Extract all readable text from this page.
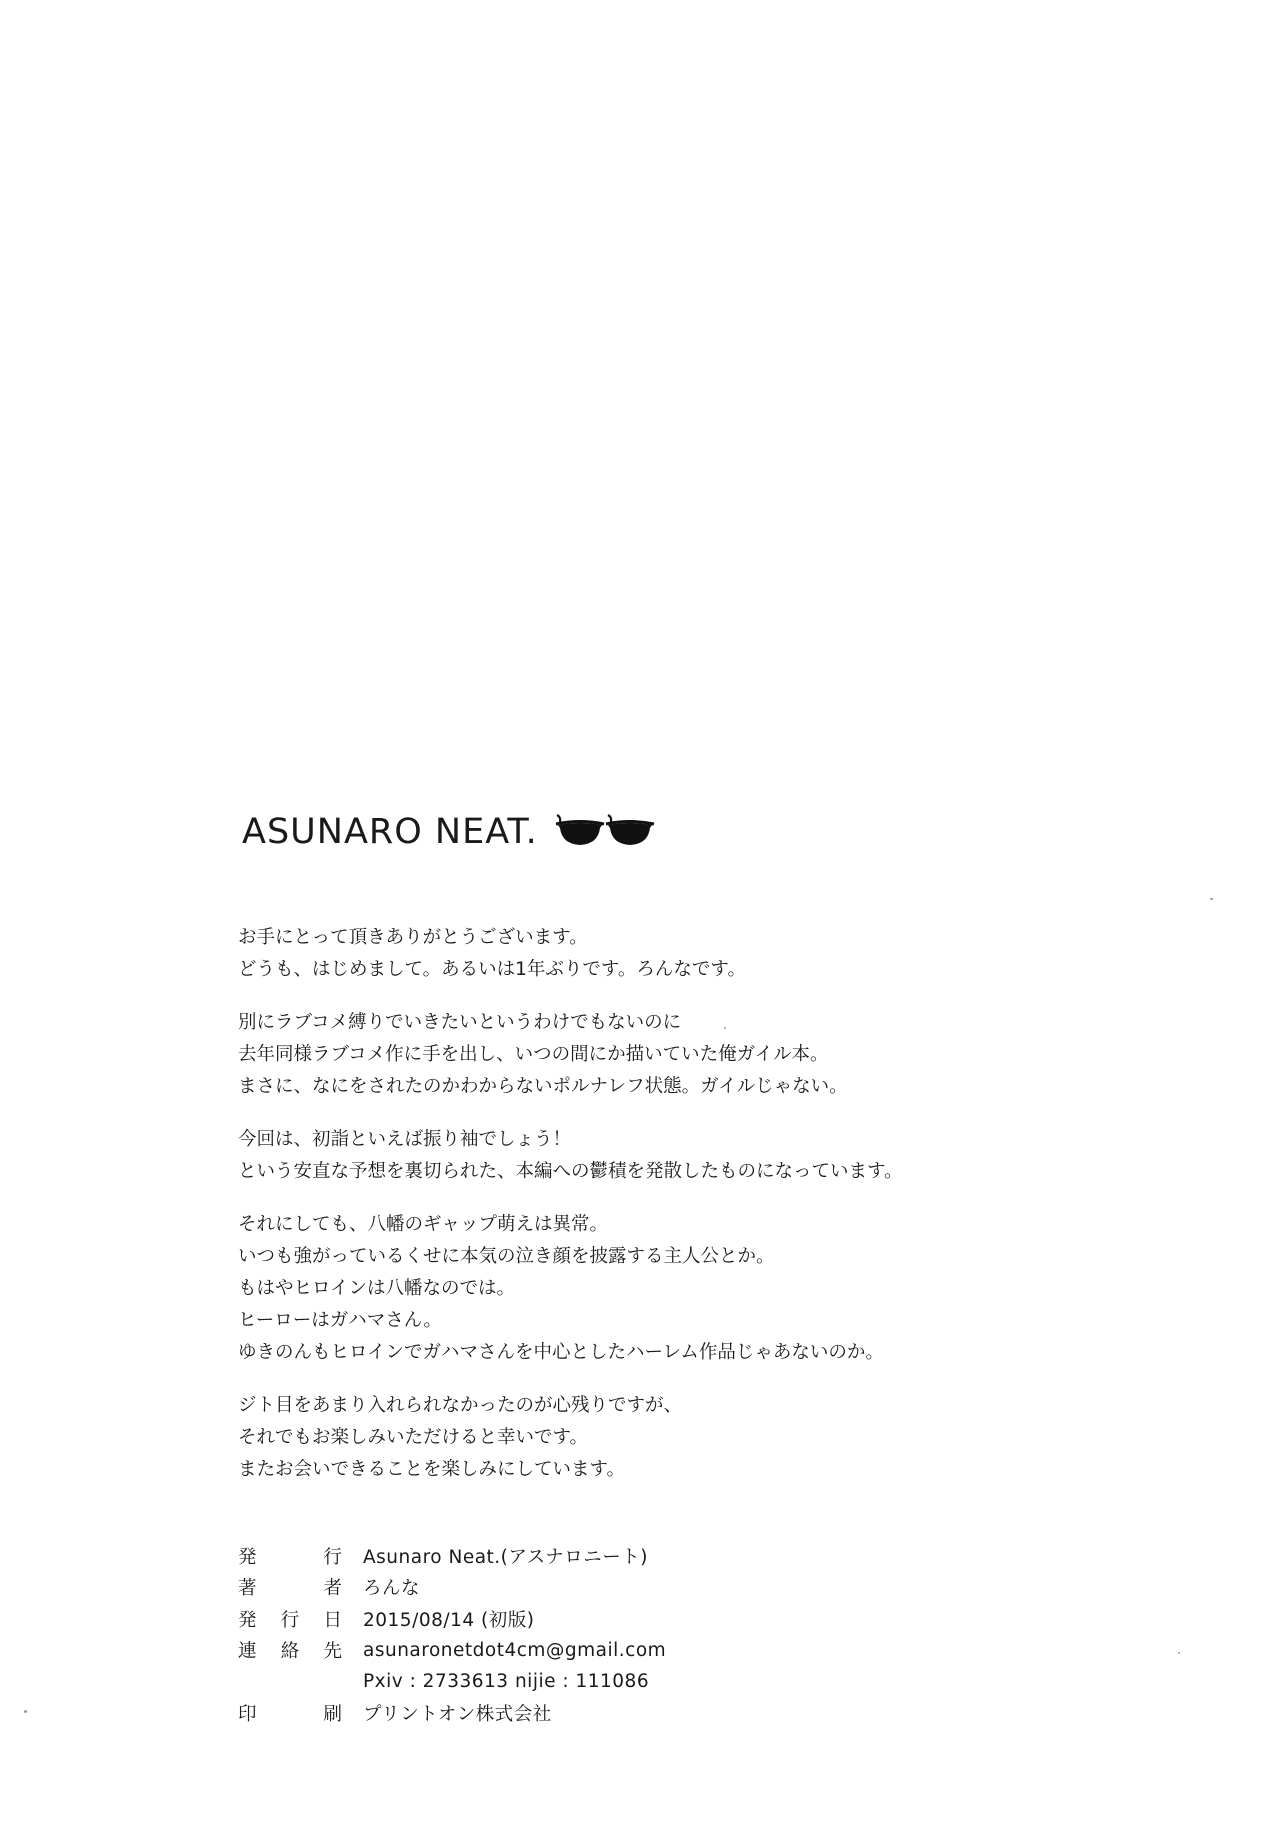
ASUNARO NEAT.
お手にとって頂きありがとうございます。
どうも、はじめまして。あるいは1年ぶりです。ろんなです。
別にラブコメ縛りでいきたいというわけでもないのに
去年同様ラブコメ作に手を出し、いつの間にか描いていた俺ガイル本。
まさに、なにをされたのかわからないポルナレフ状態。ガイルじゃない。
今回は、初詣といえば振り袖でしょう！
という安直な予想を裏切られた、本編への鬱積を発散したものになっています。
それにしても、八幡のギャップ萌えは異常。
いつも強がっているくせに本気の泣き顔を披露する主人公とか。
もはやヒロインは八幡なのでは。
ヒーローはガハマさん。
ゆきのんもヒロインでガハマさんを中心としたハーレム作品じゃあないのか。
ジト目をあまり入れられなかったのが心残りですが、
それでもお楽しみいただけると幸いです。
またお会いできることを楽しみにしています。
発	行 Asunaro Neat.(アスナロニート)
著	者 ろんな
発 行 日 2015/08/14 (初版)
連 絡 先 asunaronetdot4cm@gmail.com
Pxiv : 2733613 nijie : 111086
印	刷 プリントオン株式会社
